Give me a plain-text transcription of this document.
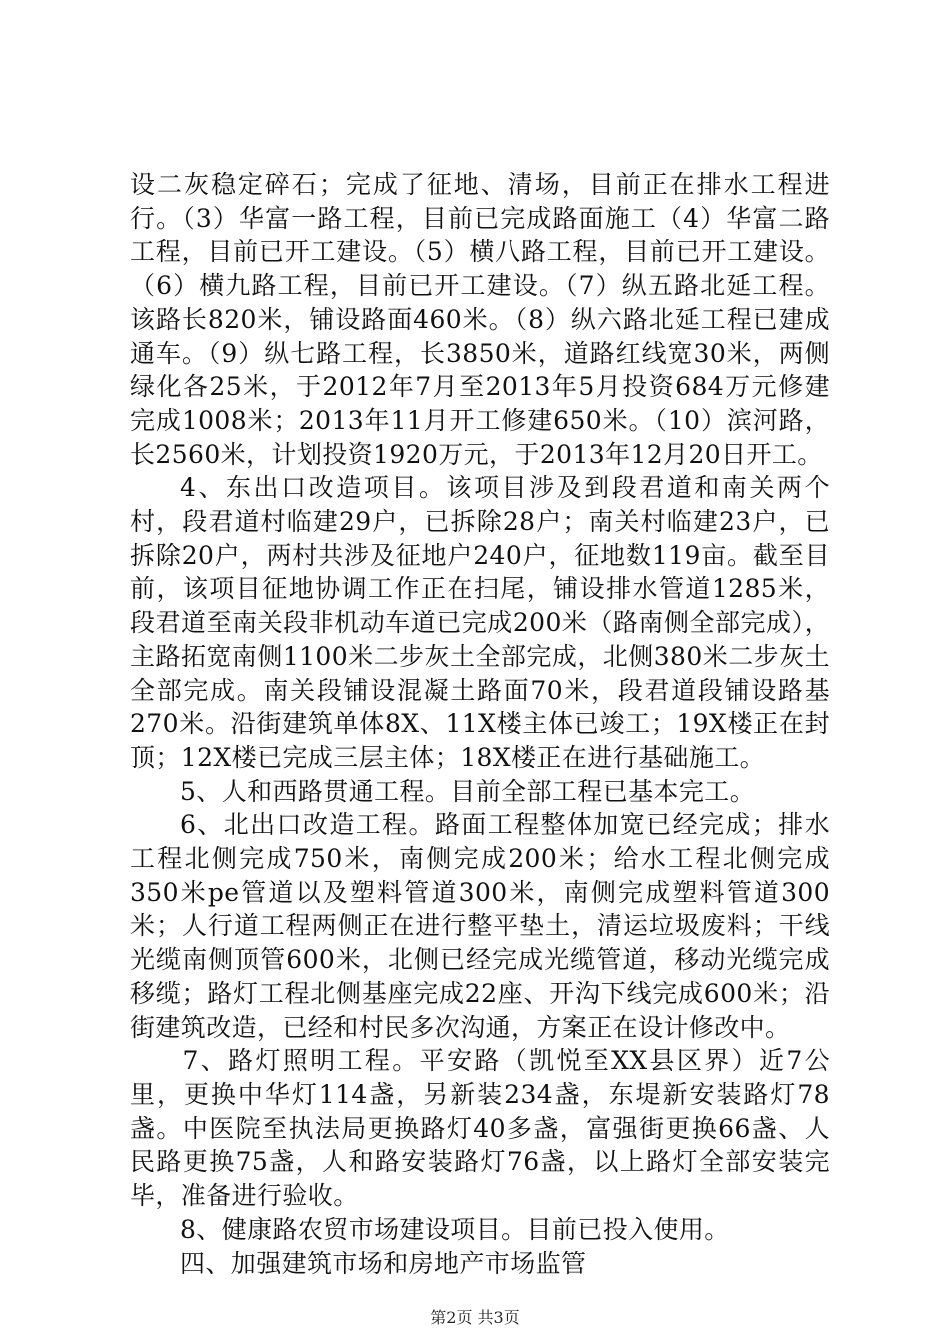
设二灰稳定碎石；完成了征地、清场，目前正在排水工程进行。（3）华富一路工程，目前已完成路面施工（4）华富二路工程，目前已开工建设。（5）横八路工程，目前已开工建设。（6）横九路工程，目前已开工建设。（7）纵五路北延工程。该路长820米，铺设路面460米。（8）纵六路北延工程已建成通车。（9）纵七路工程，长3850米，道路红线宽30米，两侧绿化各25米，于2012年7月至2013年5月投资684万元修建完成1008米；2013年11月开工修建650米。（10）滨河路，长2560米，计划投资1920万元，于2013年12月20日开工。

4、东出口改造项目。该项目涉及到段君道和南关两个村，段君道村临建29户，已拆除28户；南关村临建23户，已拆除20户，两村共涉及征地户240户，征地数119亩。截至目前，该项目征地协调工作正在扫尾，铺设排水管道1285米，段君道至南关段非机动车道已完成200米（路南侧全部完成），主路拓宽南侧1100米二步灰土全部完成，北侧380米二步灰土全部完成。南关段铺设混凝土路面70米，段君道段铺设路基270米。沿街建筑单体8X、11X楼主体已竣工；19X楼正在封顶；12X楼已完成三层主体；18X楼正在进行基础施工。

5、人和西路贯通工程。目前全部工程已基本完工。

6、北出口改造工程。路面工程整体加宽已经完成；排水工程北侧完成750米，南侧完成200米；给水工程北侧完成350米pe管道以及塑料管道300米，南侧完成塑料管道300米；人行道工程两侧正在进行整平垫土，清运垃圾废料；干线光缆南侧顶管600米，北侧已经完成光缆管道，移动光缆完成移缆；路灯工程北侧基座完成22座、开沟下线完成600米；沿街建筑改造，已经和村民多次沟通，方案正在设计修改中。

7、路灯照明工程。平安路（凯悦至XX县区界）近7公里，更换中华灯114盏，另新装234盏，东堤新安装路灯78盏。中医院至执法局更换路灯40多盏，富强街更换66盏、人民路更换75盏，人和路安装路灯76盏，以上路灯全部安装完毕，准备进行验收。

8、健康路农贸市场建设项目。目前已投入使用。

四、加强建筑市场和房地产市场监管

第2页 共3页
